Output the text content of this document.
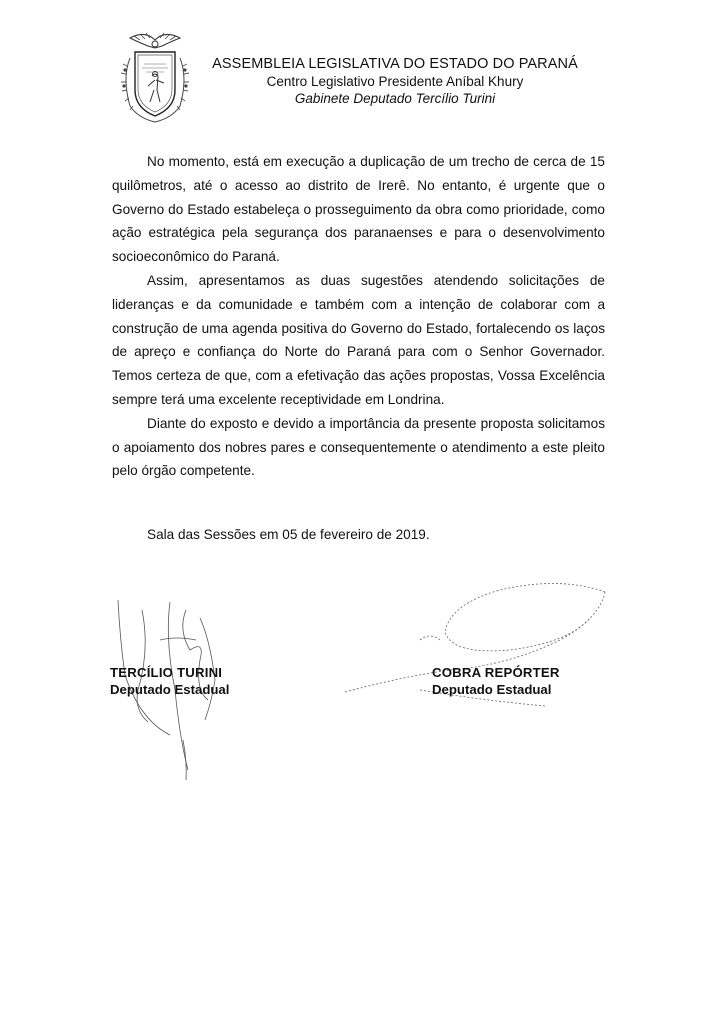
ASSEMBLEIA LEGISLATIVA DO ESTADO DO PARANÁ
Centro Legislativo Presidente Aníbal Khury
Gabinete Deputado Tercílio Turini

No momento, está em execução a duplicação de um trecho de cerca de 15 quilômetros, até o acesso ao distrito de Irerê. No entanto, é urgente que o Governo do Estado estabeleça o prosseguimento da obra como prioridade, como ação estratégica pela segurança dos paranaenses e para o desenvolvimento socioeconômico do Paraná.

Assim, apresentamos as duas sugestões atendendo solicitações de lideranças e da comunidade e também com a intenção de colaborar com a construção de uma agenda positiva do Governo do Estado, fortalecendo os laços de apreço e confiança do Norte do Paraná para com o Senhor Governador. Temos certeza de que, com a efetivação das ações propostas, Vossa Excelência sempre terá uma excelente receptividade em Londrina.

Diante do exposto e devido a importância da presente proposta solicitamos o apoiamento dos nobres pares e consequentemente o atendimento a este pleito pelo órgão competente.

Sala das Sessões em 05 de fevereiro de 2019.
TERCÍLIO TURINI
Deputado Estadual
COBRA REPÓRTER
Deputado Estadual
